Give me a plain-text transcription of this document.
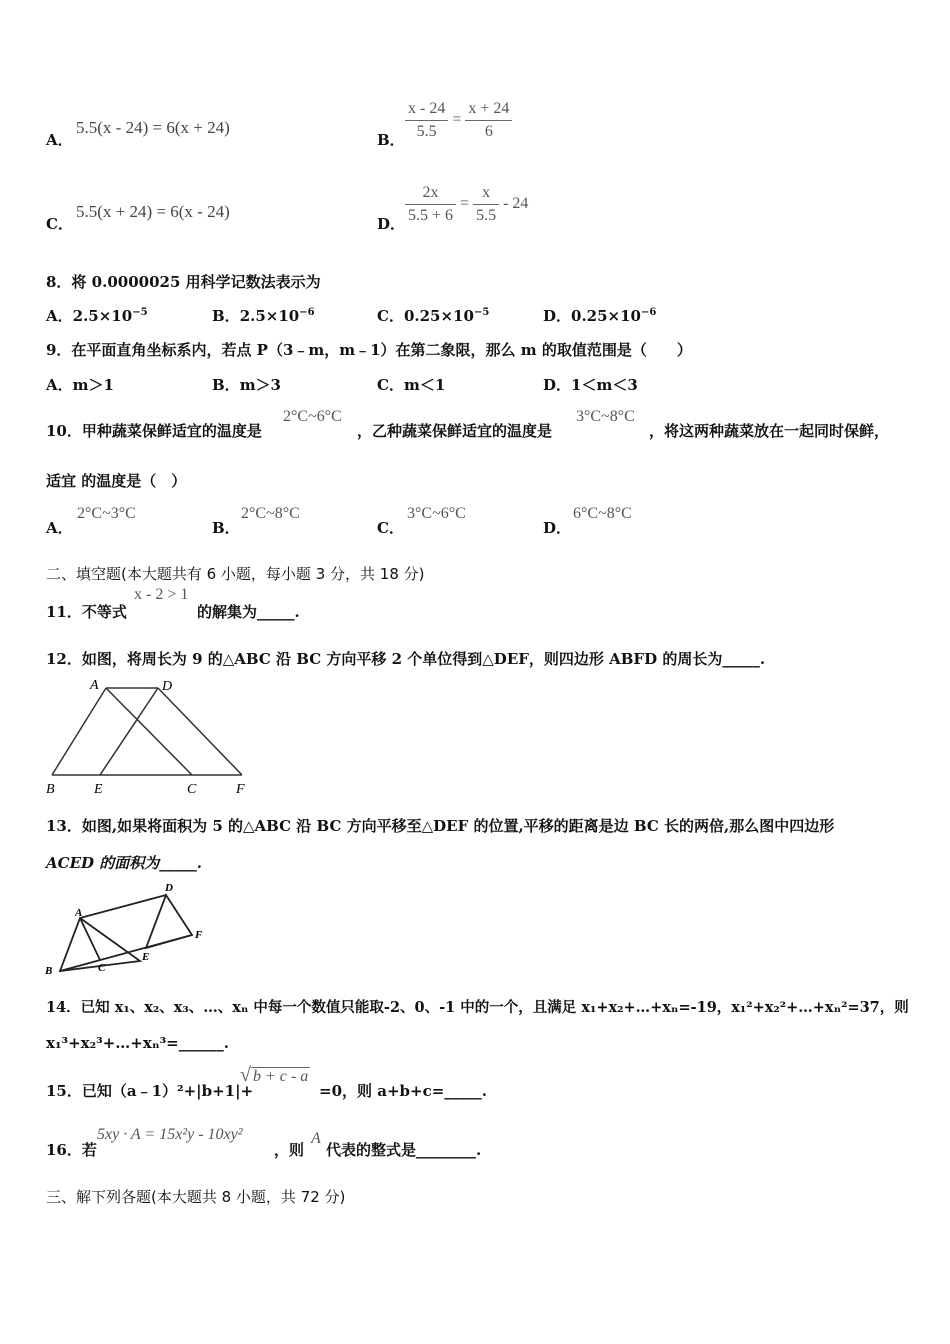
A．
5.5(x - 24) = 6(x + 24)
B． $\frac{x - 24}{5.5} = \frac{x + 24}{6}$
C．
5.5(x + 24) = 6(x - 24)
D． $\frac{2x}{5.5 + 6} = \frac{x}{5.5} - 24$
8．将 0.0000025 用科学记数法表示为
A．$2.5\times 10^{-5}$	B．$2.5\times 10^{-6}$	C．$0.25\times 10^{-5}$	D．$0.25\times 10^{-6}$
9．在平面直角坐标系内，若点 P（3﹣m，m﹣1）在第二象限，那么 m 的取值范围是（　　）
A．m＞1	B．m＞3	C．m＜1	D．1＜m＜3
10．甲种蔬菜保鲜适宜的温度是
2°C~6°C
，乙种蔬菜保鲜适宜的温度是
3°C~8°C
，将这两种蔬菜放在一起同时保鲜，
适宜 的温度是（　）
A．
2°C~3°C
B．
2°C~8°C
C．
3°C~6°C
D．
6°C~8°C
二、填空题(本大题共有 6 小题，每小题 3 分，共 18 分)
11．不等式
x - 2 > 1
的解集为_____.
12．如图，将周长为 9 的△ABC 沿 BC 方向平移 2 个单位得到△DEF，则四边形 ABFD 的周长为_____.
A	D
B	E	C	F
13．如图,如果将面积为 5 的△ABC 沿 BC 方向平移至△DEF 的位置,平移的距离是边 BC 长的两倍,那么图中四边形
ACED 的面积为_____.
A
D
B	C
E
F
14．已知 x₁、x₂、x₃、…、xₙ 中每一个数值只能取-2、0、-1 中的一个，且满足 x₁+x₂+…+xₙ=-19，x₁²+x₂²+…+xₙ²=37，则
x₁³+x₂³+…+xₙ³=______.
15．已知（a﹣1）²+|b+1|+
√ b + c - a
=0，则 a+b+c=_____.
16．若
5xy · A = 15x²y - 10xy²
，则
A
代表的整式是________.
三、解下列各题(本大题共 8 小题，共 72 分)
